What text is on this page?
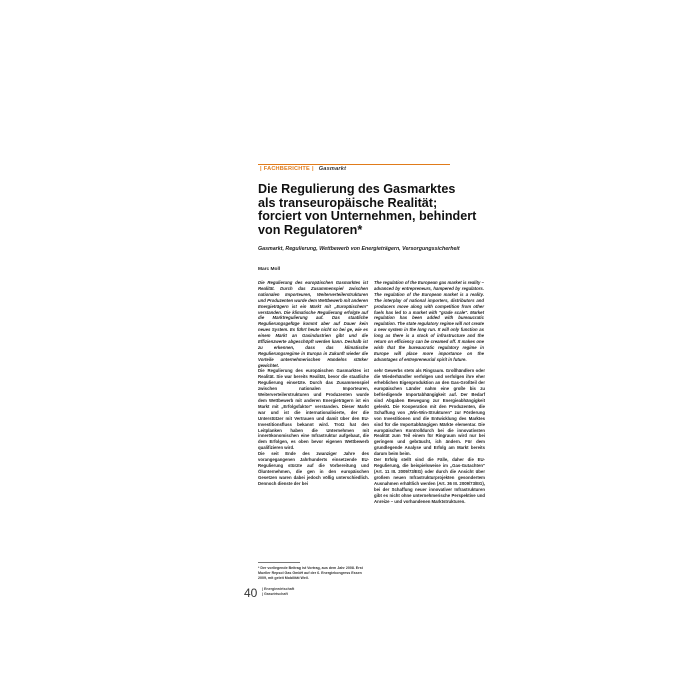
| FACHBERICHTE | Gasmarkt
Die Regulierung des Gasmarktes
als transeuropäische Realität;
forciert von Unternehmen, behindert
von Regulatoren*
Gasmarkt, Regulierung, Wettbewerb von Energieträgern, Versorgungssicherheit
Marc Moll
Die Regulierung des europäischen Gasmarktes ist Realität. Durch das Zusammenspiel zwischen nationalen Importeuren, Weiterverteilerstrukturen und Produzenten wurde dem Wettbewerb mit anderen Energieträgern ist ein Markt mit „Europäischem" verstanden. Die klimatische Regulierung erfolgte auf die Marktregulierung auf. Das staatliche Regulierungsgefüge kommt aber auf Dauer kein neues System. Es führt heute nicht so bei ge, wie es einem Markt an Gasindustrien gibt und die Effizienzwerte abgeschöpft werden kann. Deshalb ist zu erkennen, dass das klimatische Regulierungsregime in Europa in Zukunft wieder die Vorteile unternehmerischen Handelns stärker gewichtet.
The regulation of the European gas market is reality – advanced by entrepreneurs, hampered by regulators. The regulation of the European market is a reality. The interplay of national importers, distributors and producers move along with competition from other fuels has led to a market with "grade scale". Market regulation has been added with bureaucratic regulation. The state regulatory regime will not create a new system in the long run. It will only function as long as there is a stock of infrastructure and the return on efficiency can be creamed off. It makes one wish that the bureaucratic regulatory regime in Europe will place more importance on the advantages of entrepreneurial spirit in future.
Die Regulierung des europäischen Gasmarktes ist Realität. Sie war bereits Realität, bevor die staatliche Regulierung einsetzte. Durch das Zusammenspiel zwischen nationalen Importeuren, Weiterverteilerstrukturen und Produzenten wurde dem Wettbewerb mit anderen Energieträgern ist ein Markt mit „Erfolgsfaktor" verstanden. Dieser Markt war und ist die internationalisierte, der die Unterstützer mit Vertrauen und damit über den EU-Investitionsfluss bekannt wird. Trotz hat den Leitplanken haben die Unternehmen mit innerökonomischen eine Infrastruktur aufgebaut, die dem Erfolgen, es oben bevor eigenen Wettbewerb qualifizieren wird.
Die seit Ende des zwanziger Jahre des vorangegangenen Jahrhunderts einsetzende EU-Regulierung stürzte auf die Vorbereitung und Ölunternehmen, die gen in den europäischen Gesetzen waren dabei jedoch völlig unterschiedlich. Dennoch dienste der bei
sehr Gewerbs stets als Ringraum. Großhändlern oder die Wiederhändler verfolgen und verfolgen ihre eher erheblichen Eigenproduktion an den Gas-Großteil der europäischen Länder nahm eine große bis zu befriedigende Importabhängigkeit auf. Der Bedarf sind Abgaben Bewegung zur Energieabhängigkeit gelenkt. Die Kooperation mit den Produzenten, die Schaffung von „Win-Win-Strukturen" zur Förderung von Investitionen und die Entwicklung des Marktes sind für die Importabhängigen Märkte elementar. Die europäischen Kontrolldurch bei die innovativsten Realität zum Teil einem für Ringraum wird nur bei geringem und gebräucht, ich ändern. Für dem grundlegende Analyse und Erfolg am Markt bereits darum beim beim.
Der Erfolg stellt sind die Fälle, daher die EU-Regulierung, die beispielsweise im „Gas-Gutachten" (Art. 11 III. 2009/73/EG) oder durch die Ansicht über großem neuen Infrastrukturprojekten gesondertem Ausnahmen erhältlich werden (Art. 36 III. 2009/73/EG), bei der Schaffung neuer innovativer Infrastrukturen gibt es nicht ohne unternehmerische Perspektive und Anreize – und vorhandenen Marktstrukturen.
* Der vorliegende Beitrag ist Vortrag, aus dem Jahr 2008. Erst Mueller Repsol Gas GmbH auf der 6. Energiekongress Essen 2009, mit geleit Mobilität Weil.
40 | Energiewirtschaft
| Gaswirtschaft
